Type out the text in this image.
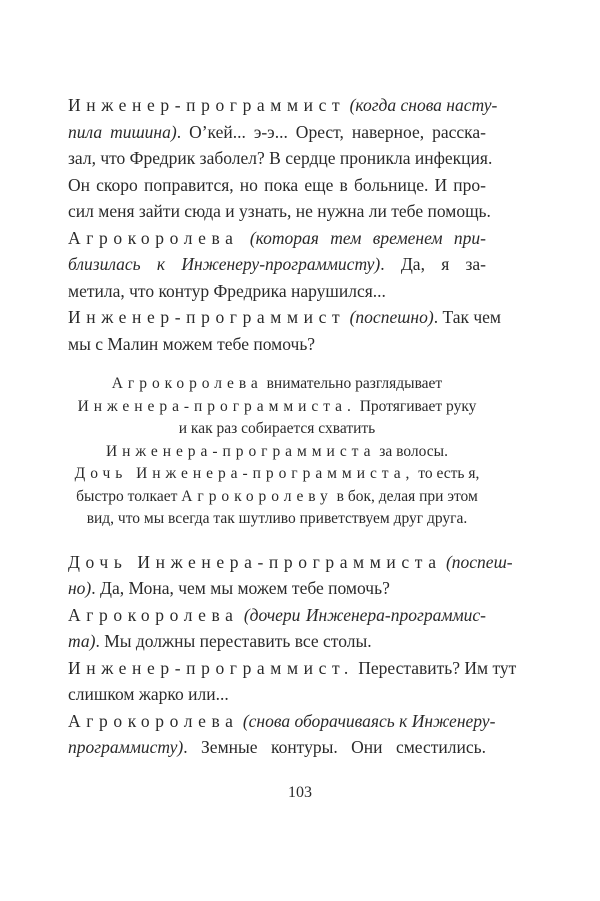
Инженер-программист (когда снова насту-
пила тишина). О’кей... э-э... Орест, наверное, расска-
зал, что Фредрик заболел? В сердце проникла инфекция.
Он скоро поправится, но пока еще в больнице. И про-
сил меня зайти сюда и узнать, не нужна ли тебе помощь.
Агрокоролева (которая тем временем при-
близилась к Инженеру-программисту). Да, я за-
метила, что контур Фредрика нарушился...
Инженер-программист (поспешно). Так чем
мы с Малин можем тебе помочь?
Агрокоролева внимательно разглядывает
Инженера-программиста. Протягивает руку
и как раз собирается схватить
Инженера-программиста за волосы.
Дочь Инженера-программиста, то есть я,
быстро толкает Агрокоролеву в бок, делая при этом
вид, что мы всегда так шутливо приветствуем друг друга.
Дочь Инженера-программиста (поспеш-
но). Да, Мона, чем мы можем тебе помочь?
Агрокоролева (дочери Инженера-программис-
та). Мы должны переставить все столы.
Инженер-программист. Переставить? Им тут
слишком жарко или...
Агрокоролева (снова оборачиваясь к Инженеру-
программисту). Земные контуры. Они сместились.
103
